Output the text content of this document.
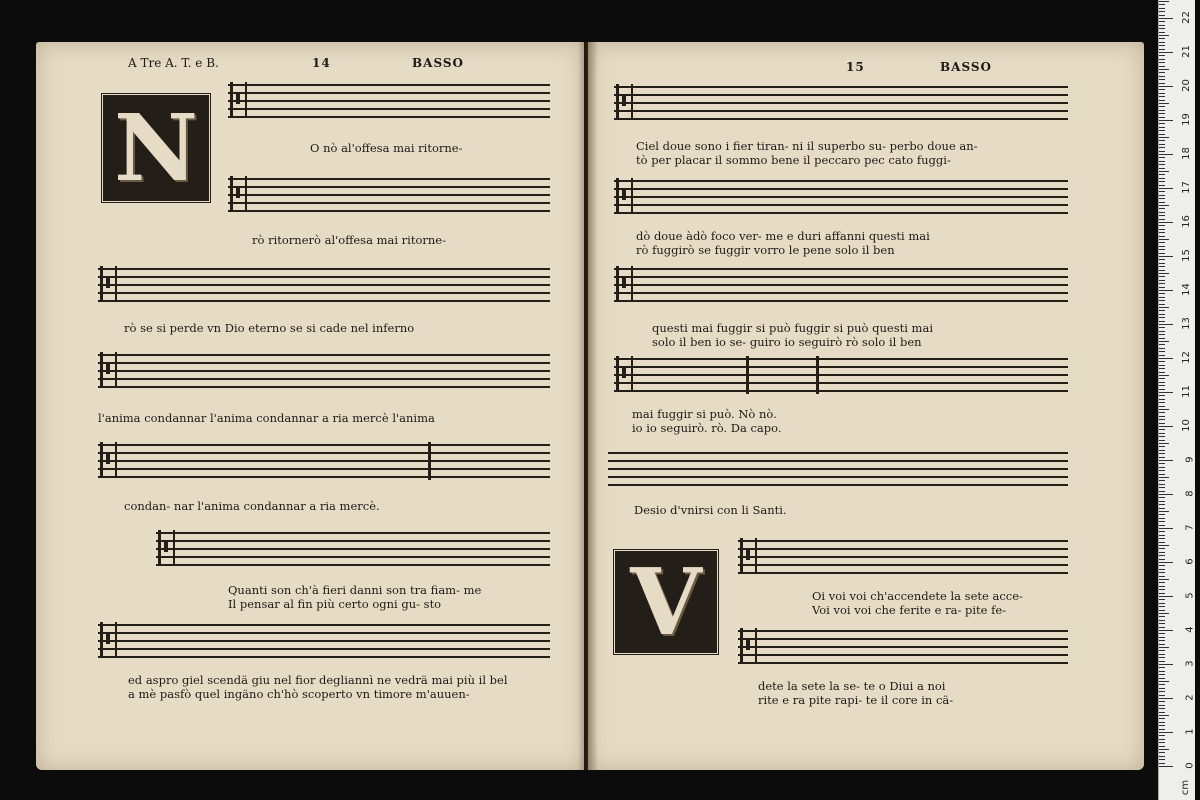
A Tre A. T. e B.	14	BASSO
N	O nò al'offesa mai ritorne-
rò ritornerò al'offesa mai ritorne-
rò se si perde vn Dio eterno se si cade nel inferno
l'anima condannar l'anima condannar a ria mercè l'anima
condan- nar l'anima condannar a ria mercè.
Quanti son ch'à fieri danni son tra fiam- me
Il pensar al fin più certo ogni gu- sto
ed aspro giel scendä giu nel fior degliannì ne vedrä mai più il bel
a mè pasfò quel ingäno ch'hò scoperto vn timore m'auuen-
15	BASSO
Ciel doue sono i fier tiran- ni il superbo su- perbo doue an-
tò per placar il sommo bene il peccaro pec cato fuggi-
dò doue àdò foco ver- me e duri affanni questi mai
rò fuggirò se fuggir vorro le pene solo il ben
questi mai fuggir si può fuggir si può questi mai
solo il ben io se- guiro io seguirò rò solo il ben
mai fuggir si può. Nò nò.
io io seguirò. rò. Da capo.
Desio d'vnirsi con li Santi.
V	Oi voi voi ch'accendete la sete acce-
Voi voi voi che ferite e ra- pite fe-
dete la sete la se- te o Diui a noi
rite e ra pite rapi- te il core in cä-
0
1
2
3
4
5
6
7
8
9
10
11
12
13
14
15
16
17
18
19
20
21
22
cm
